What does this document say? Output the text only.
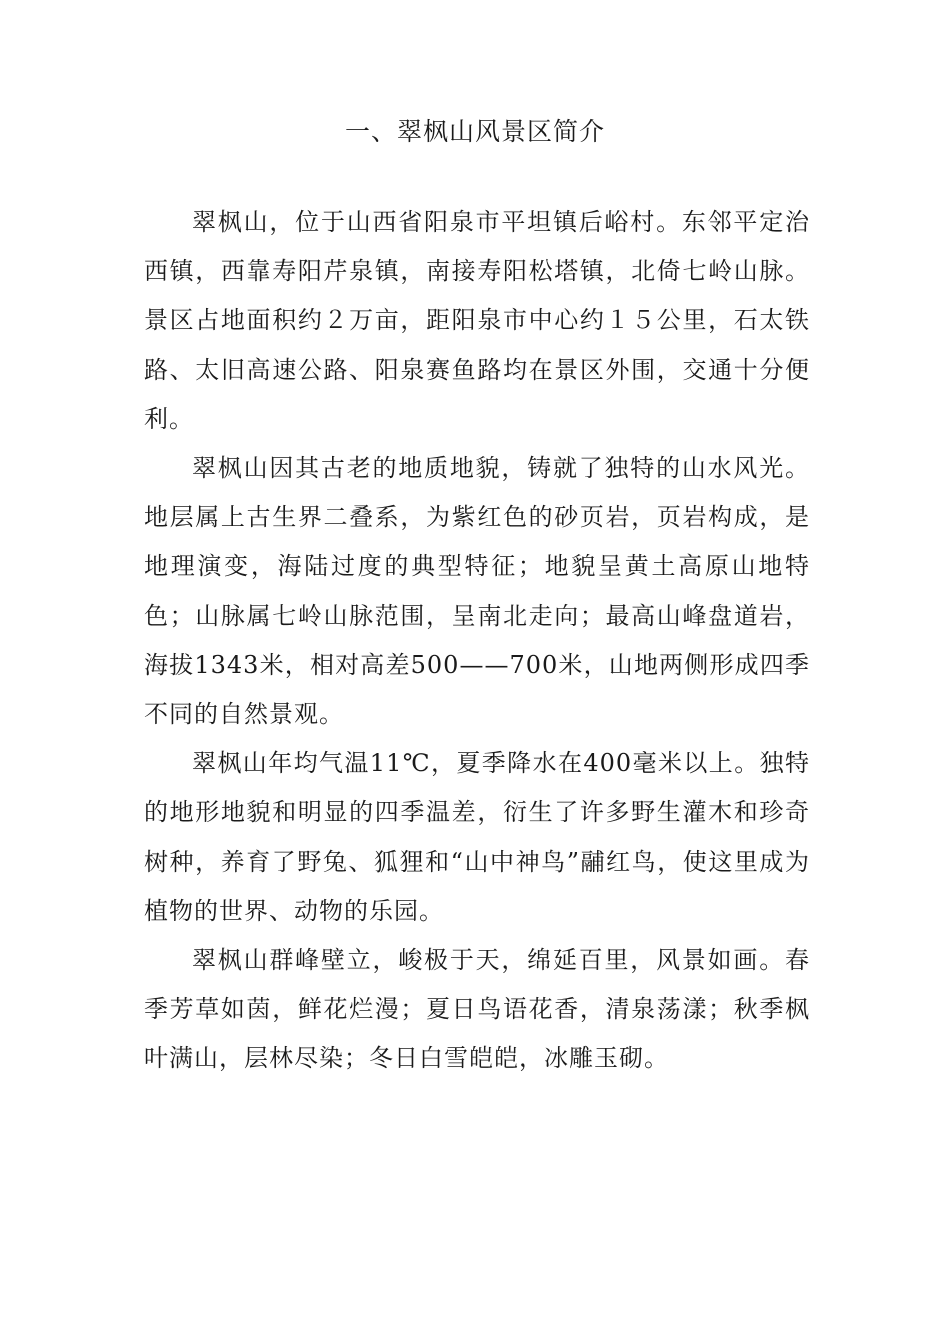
一、翠枫山风景区简介

翠枫山，位于山西省阳泉市平坦镇后峪村。东邻平定治西镇，西靠寿阳芹泉镇，南接寿阳松塔镇，北倚七岭山脉。景区占地面积约２万亩，距阳泉市中心约１５公里，石太铁路、太旧高速公路、阳泉赛鱼路均在景区外围，交通十分便利。

翠枫山因其古老的地质地貌，铸就了独特的山水风光。地层属上古生界二叠系，为紫红色的砂页岩，页岩构成，是地理演变，海陆过度的典型特征；地貌呈黄土高原山地特色；山脉属七岭山脉范围，呈南北走向；最高山峰盘道岩，海拔1343米，相对高差500——700米，山地两侧形成四季不同的自然景观。

翠枫山年均气温11℃，夏季降水在400毫米以上。独特的地形地貌和明显的四季温差，衍生了许多野生灌木和珍奇树种，养育了野兔、狐狸和“山中神鸟”鬴红鸟，使这里成为植物的世界、动物的乐园。

翠枫山群峰壁立，峻极于天，绵延百里，风景如画。春季芳草如茵，鲜花烂漫；夏日鸟语花香，清泉荡漾；秋季枫叶满山，层林尽染；冬日白雪皑皑，冰雕玉砌。
